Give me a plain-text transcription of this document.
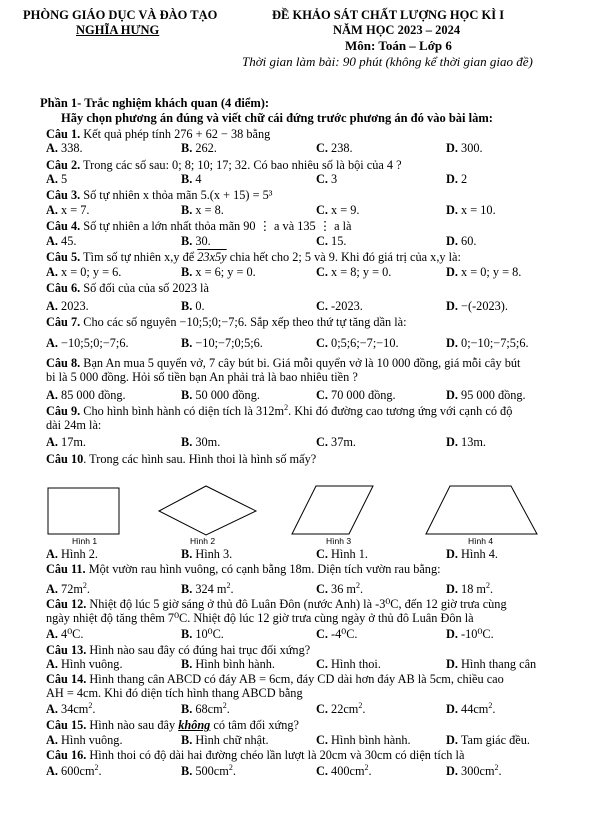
PHÒNG GIÁO DỤC VÀ ĐÀO TẠO
NGHĨA HƯNG
ĐỀ KHẢO SÁT CHẤT LƯỢNG HỌC KÌ I
NĂM HỌC 2023 – 2024
Môn: Toán – Lớp 6
Thời gian làm bài: 90 phút (không kể thời gian giao đề)
Phần 1- Trắc nghiệm khách quan (4 điểm):
Hãy chọn phương án đúng và viết chữ cái đứng trước phương án đó vào bài làm:
Câu 1. Kết quả phép tính 276 + 62 − 38 bằng
A. 338.	B. 262.	C. 238.	D. 300.
Câu 2. Trong các số sau: 0; 8; 10; 17; 32. Có bao nhiêu số là bội của 4 ?
A. 5	B. 4	C. 3	D. 2
Câu 3. Số tự nhiên x thỏa mãn 5.(x + 15) = 5³
A. x = 7.	B. x = 8.	C. x = 9.	D. x = 10.
Câu 4. Số tự nhiên a lớn nhất thỏa mãn 90 ⋮ a và 135 ⋮ a là
A. 45.	B. 30.	C. 15.	D. 60.
Câu 5. Tìm số tự nhiên x,y để 23x5y chia hết cho 2; 5 và 9. Khi đó giá trị của x,y là:
A. x = 0; y = 6.	B. x = 6; y = 0.	C. x = 8; y = 0.	D. x = 0; y = 8.
Câu 6. Số đối của của số 2023 là
A. 2023.	B. 0.	C. -2023.	D. −(-2023).
Câu 7. Cho các số nguyên −10;5;0;−7;6. Sắp xếp theo thứ tự tăng dần là:
A. −10;5;0;−7;6.	B. −10;−7;0;5;6.	C. 0;5;6;−7;−10.	D. 0;−10;−7;5;6.
Câu 8. Bạn An mua 5 quyển vở, 7 cây bút bi. Giá mỗi quyển vở là 10 000 đồng, giá mỗi cây bút
bi là 5 000 đồng. Hỏi số tiền bạn An phải trả là bao nhiêu tiền ?
A. 85 000 đồng.	B. 50 000 đồng.	C. 70 000 đồng.	D. 95 000 đồng.
Câu 9. Cho hình bình hành có diện tích là $312m^2$. Khi đó đường cao tương ứng với cạnh có độ
dài 24m là:
A. 17m.	B. 30m.	C. 37m.	D. 13m.
Câu 10. Trong các hình sau. Hình thoi là hình số mấy?
Hình 1	Hình 2	Hình 3	Hình 4
A. Hình 2.	B. Hình 3.	C. Hình 1.	D. Hình 4.
Câu 11. Một vườn rau hình vuông, có cạnh bằng 18m. Diện tích vườn rau bằng:
A. $72m^2$.	B. 324 $m^2$.	C. 36 $m^2$.	D. 18 $m^2$.
Câu 12. Nhiệt độ lúc 5 giờ sáng ở thủ đô Luân Đôn (nước Anh) là -3⁰C, đến 12 giờ trưa cùng
ngày nhiệt độ tăng thêm 7⁰C. Nhiệt độ lúc 12 giờ trưa cùng ngày ở thủ đô Luân Đôn là
A. 4⁰C.	B. 10⁰C.	C. -4⁰C.	D. -10⁰C.
Câu 13. Hình nào sau đây có đúng hai trục đối xứng?
A. Hình vuông.	B. Hình bình hành.	C. Hình thoi.	D. Hình thang cân
Câu 14. Hình thang cân ABCD có đáy AB = 6cm, đáy CD dài hơn đáy AB là 5cm, chiều cao
AH = 4cm. Khi đó diện tích hình thang ABCD bằng
A. $34cm^2$.	B. $68cm^2$.	C. $22cm^2$.	D. $44cm^2$.
Câu 15. Hình nào sau đây không có tâm đối xứng?
A. Hình vuông.	B. Hình chữ nhật.	C. Hình bình hành.	D. Tam giác đều.
Câu 16. Hình thoi có độ dài hai đường chéo lần lượt là 20cm và 30cm có diện tích là
A. $600cm^2$.	B. $500cm^2$.	C. $400cm^2$.	D. $300cm^2$.
